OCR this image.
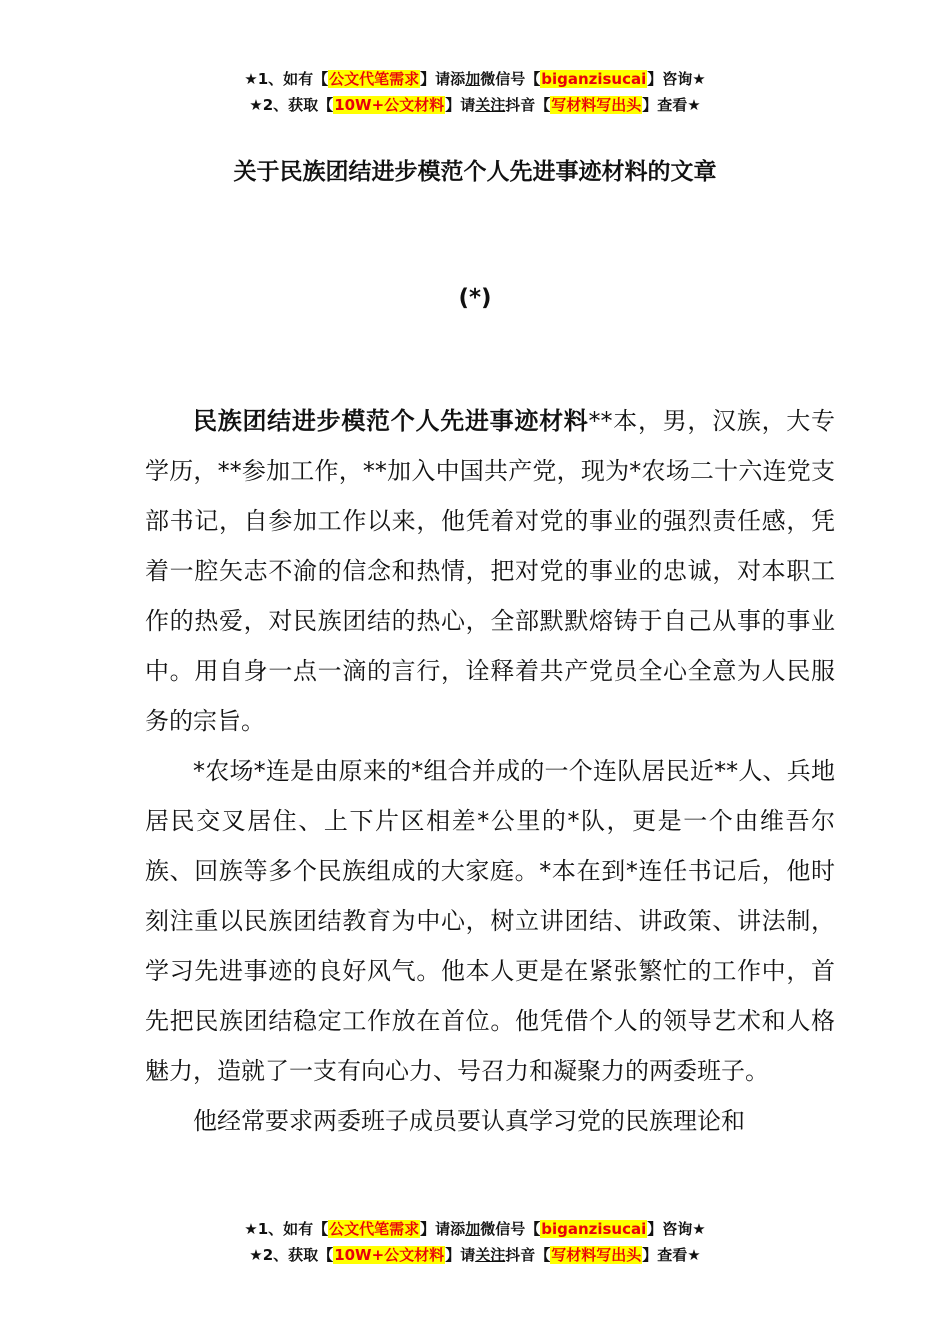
★1、如有【公文代笔需求】请添加微信号【biganzisucai】咨询★
★2、获取【10W+公文材料】请关注抖音【写材料写出头】查看★
关于民族团结进步模范个人先进事迹材料的文章
(*)

民族团结进步模范个人先进事迹材料**本，男，汉族，大专学历，**参加工作，**加入中国共产党，现为*农场二十六连党支部书记，自参加工作以来，他凭着对党的事业的强烈责任感，凭着一腔矢志不渝的信念和热情，把对党的事业的忠诚，对本职工作的热爱，对民族团结的热心，全部默默熔铸于自己从事的事业中。用自身一点一滴的言行，诠释着共产党员全心全意为人民服务的宗旨。

*农场*连是由原来的*组合并成的一个连队居民近**人、兵地居民交叉居住、上下片区相差*公里的*队，更是一个由维吾尔族、回族等多个民族组成的大家庭。*本在到*连任书记后，他时刻注重以民族团结教育为中心，树立讲团结、讲政策、讲法制，学习先进事迹的良好风气。他本人更是在紧张繁忙的工作中，首先把民族团结稳定工作放在首位。他凭借个人的领导艺术和人格魅力，造就了一支有向心力、号召力和凝聚力的两委班子。

他经常要求两委班子成员要认真学习党的民族理论和

★1、如有【公文代笔需求】请添加微信号【biganzisucai】咨询★
★2、获取【10W+公文材料】请关注抖音【写材料写出头】查看★
